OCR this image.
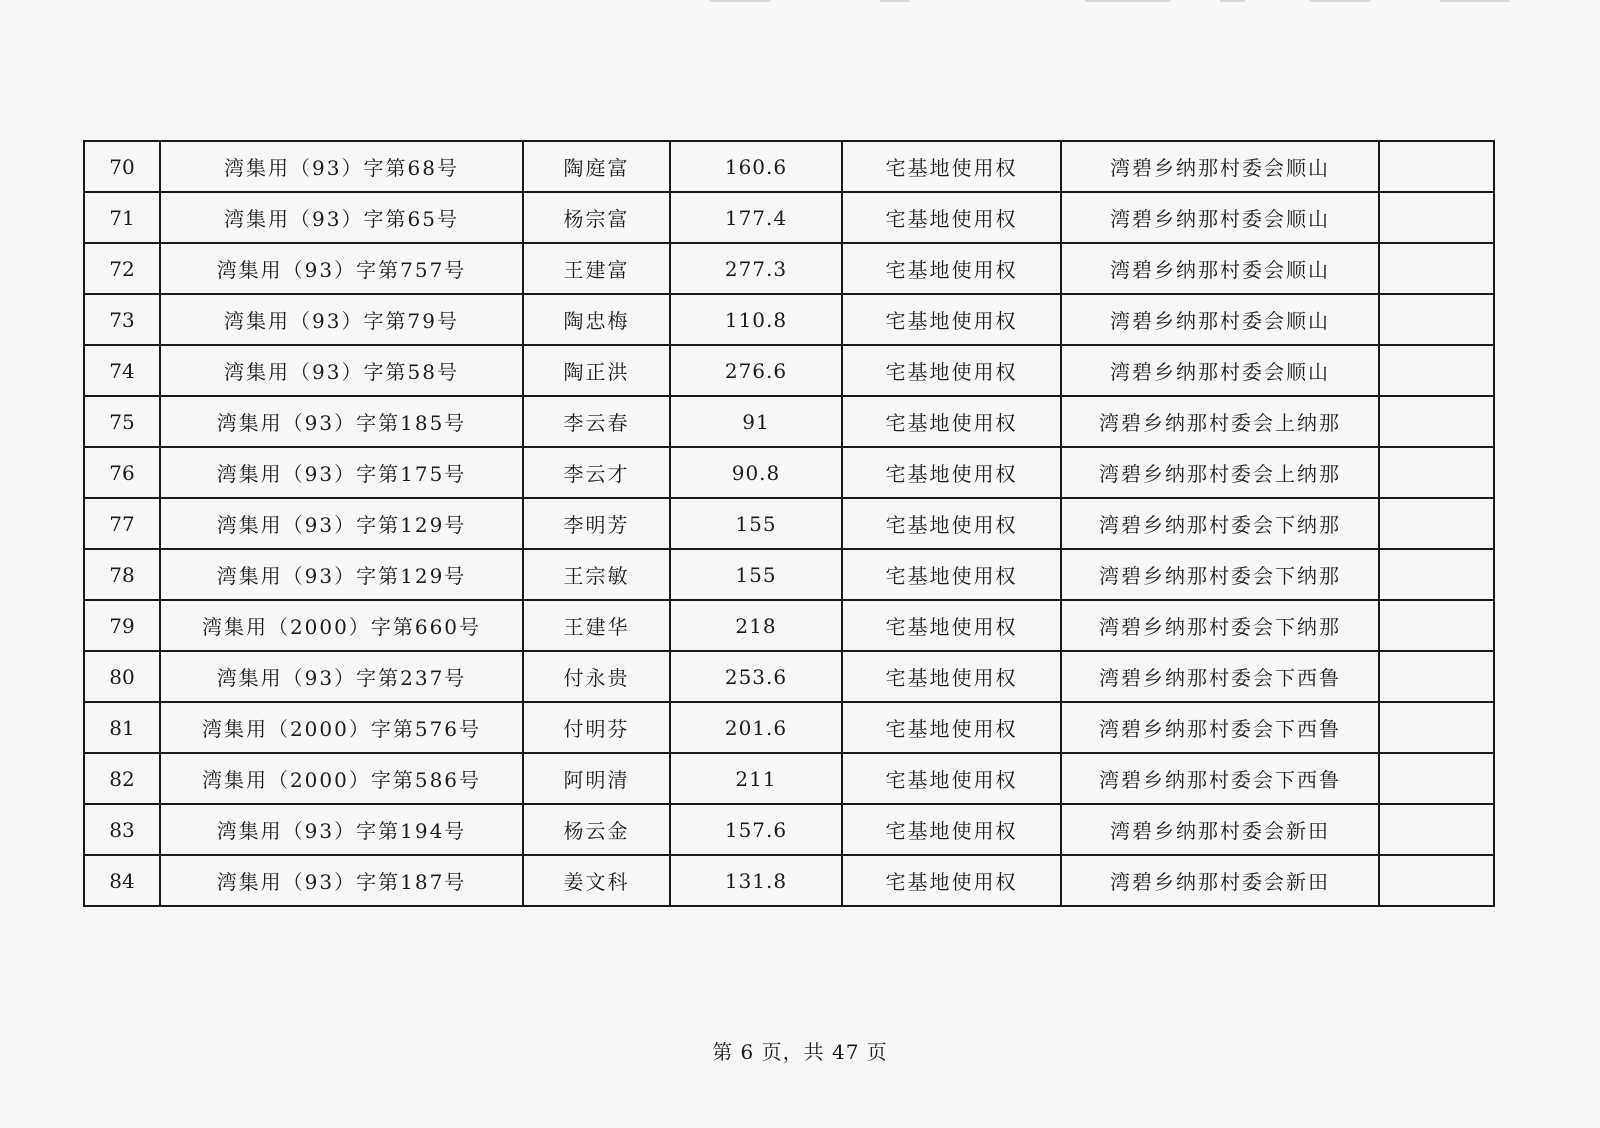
70	湾集用（93）字第68号	陶庭富	160.6	宅基地使用权	湾碧乡纳那村委会顺山	
71	湾集用（93）字第65号	杨宗富	177.4	宅基地使用权	湾碧乡纳那村委会顺山	
72	湾集用（93）字第757号	王建富	277.3	宅基地使用权	湾碧乡纳那村委会顺山	
73	湾集用（93）字第79号	陶忠梅	110.8	宅基地使用权	湾碧乡纳那村委会顺山	
74	湾集用（93）字第58号	陶正洪	276.6	宅基地使用权	湾碧乡纳那村委会顺山	
75	湾集用（93）字第185号	李云春	91	宅基地使用权	湾碧乡纳那村委会上纳那	
76	湾集用（93）字第175号	李云才	90.8	宅基地使用权	湾碧乡纳那村委会上纳那	
77	湾集用（93）字第129号	李明芳	155	宅基地使用权	湾碧乡纳那村委会下纳那	
78	湾集用（93）字第129号	王宗敏	155	宅基地使用权	湾碧乡纳那村委会下纳那	
79	湾集用（2000）字第660号	王建华	218	宅基地使用权	湾碧乡纳那村委会下纳那	
80	湾集用（93）字第237号	付永贵	253.6	宅基地使用权	湾碧乡纳那村委会下西鲁	
81	湾集用（2000）字第576号	付明芬	201.6	宅基地使用权	湾碧乡纳那村委会下西鲁	
82	湾集用（2000）字第586号	阿明清	211	宅基地使用权	湾碧乡纳那村委会下西鲁	
83	湾集用（93）字第194号	杨云金	157.6	宅基地使用权	湾碧乡纳那村委会新田	
84	湾集用（93）字第187号	姜文科	131.8	宅基地使用权	湾碧乡纳那村委会新田	
第 6 页，共 47 页
